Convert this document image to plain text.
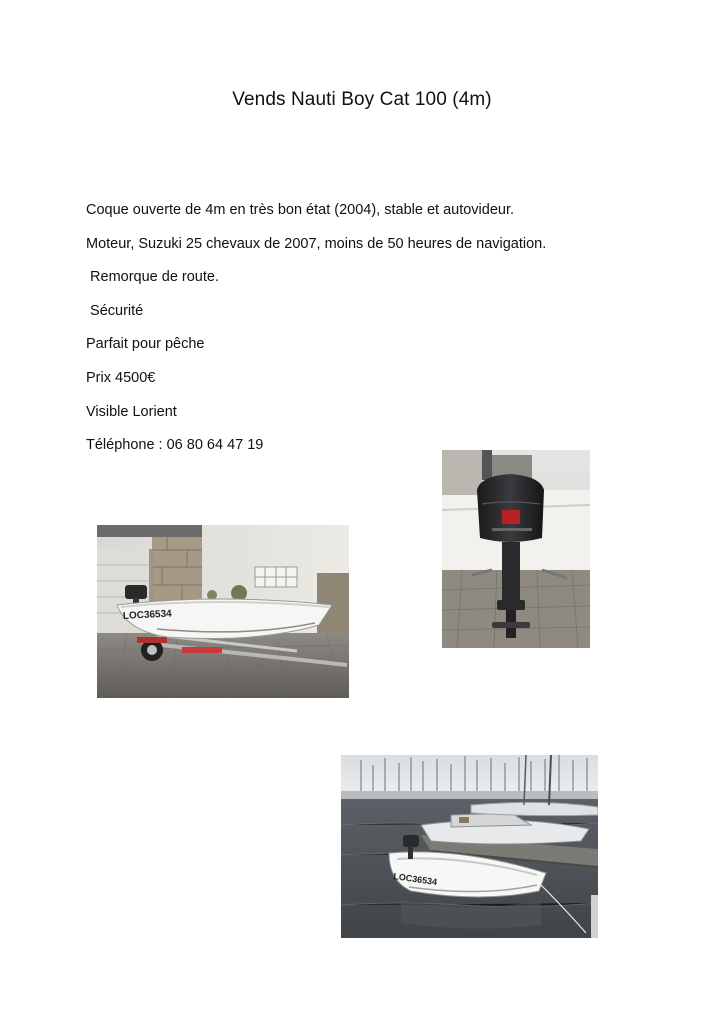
Vends Nauti Boy Cat 100 (4m)
Coque ouverte de 4m en très bon état (2004), stable et autovideur.
Moteur, Suzuki 25 chevaux de 2007, moins de 50 heures de navigation.
Remorque de route.
Sécurité
Parfait pour pêche
Prix 4500€
Visible Lorient
Téléphone : 06 80 64 47 19
LOC36534
LOC36534
